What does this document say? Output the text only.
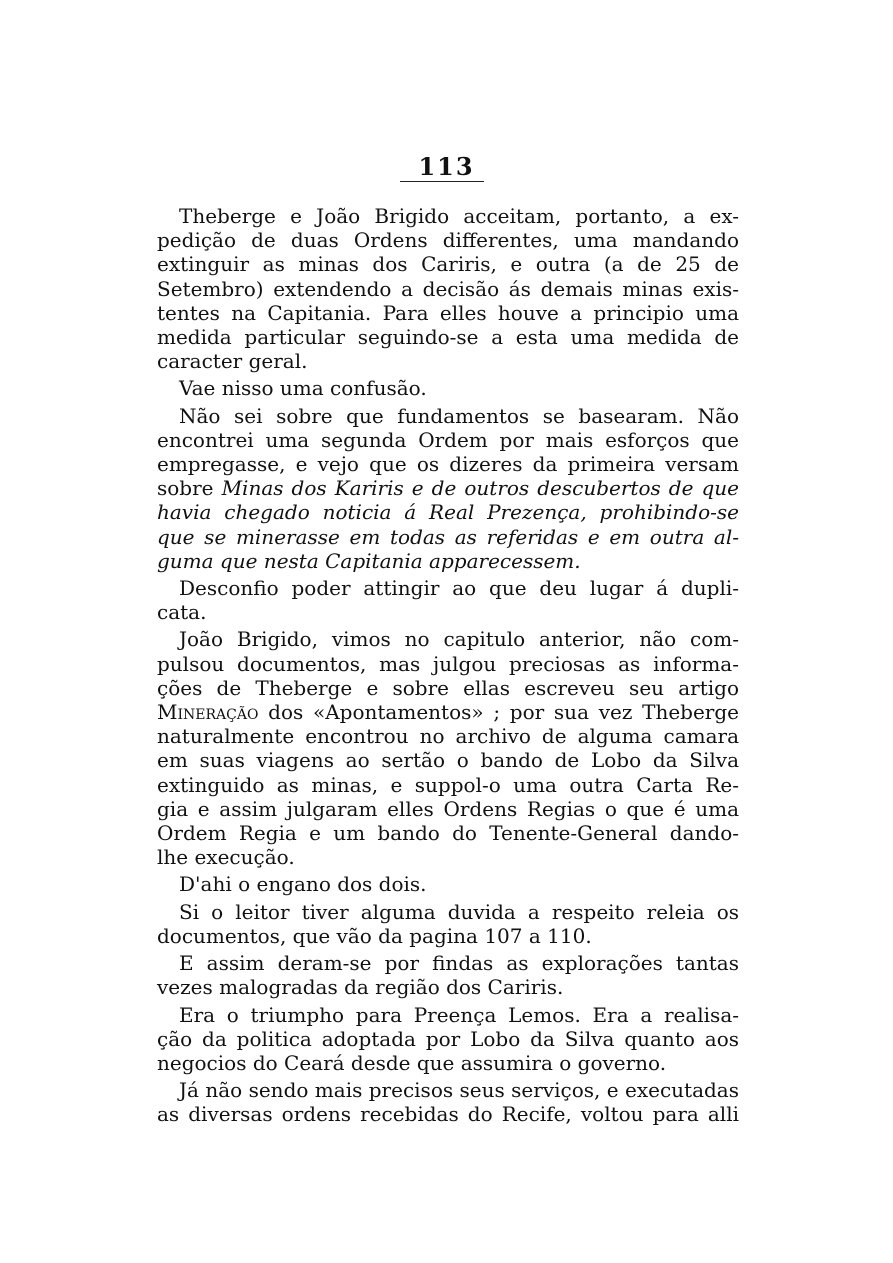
113
Theberge e João Brigido acceitam, portanto, a ex-
pedição de duas Ordens differentes, uma mandando
extinguir as minas dos Cariris, e outra (a de 25 de
Setembro) extendendo a decisão ás demais minas exis-
tentes na Capitania. Para elles houve a principio uma
medida particular seguindo-se a esta uma medida de
caracter geral.
Vae nisso uma confusão.
Não sei sobre que fundamentos se basearam. Não
encontrei uma segunda Ordem por mais esforços que
empregasse, e vejo que os dizeres da primeira versam
sobre Minas dos Kariris e de outros descubertos de que
havia chegado noticia á Real Prezença, prohibindo-se
que se minerasse em todas as referidas e em outra al-
guma que nesta Capitania apparecessem.
Desconfio poder attingir ao que deu lugar á dupli-
cata.
João Brigido, vimos no capitulo anterior, não com-
pulsou documentos, mas julgou preciosas as informa-
ções de Theberge e sobre ellas escreveu seu artigo
Mineração dos «Apontamentos» ; por sua vez Theberge
naturalmente encontrou no archivo de alguma camara
em suas viagens ao sertão o bando de Lobo da Silva
extinguido as minas, e suppol-o uma outra Carta Re-
gia e assim julgaram elles Ordens Regias o que é uma
Ordem Regia e um bando do Tenente-General dando-
lhe execução.
D'ahi o engano dos dois.
Si o leitor tiver alguma duvida a respeito releia os
documentos, que vão da pagina 107 a 110.
E assim deram-se por findas as explorações tantas
vezes malogradas da região dos Cariris.
Era o triumpho para Preença Lemos. Era a realisa-
ção da politica adoptada por Lobo da Silva quanto aos
negocios do Ceará desde que assumira o governo.
Já não sendo mais precisos seus serviços, e executadas
as diversas ordens recebidas do Recife, voltou para alli
